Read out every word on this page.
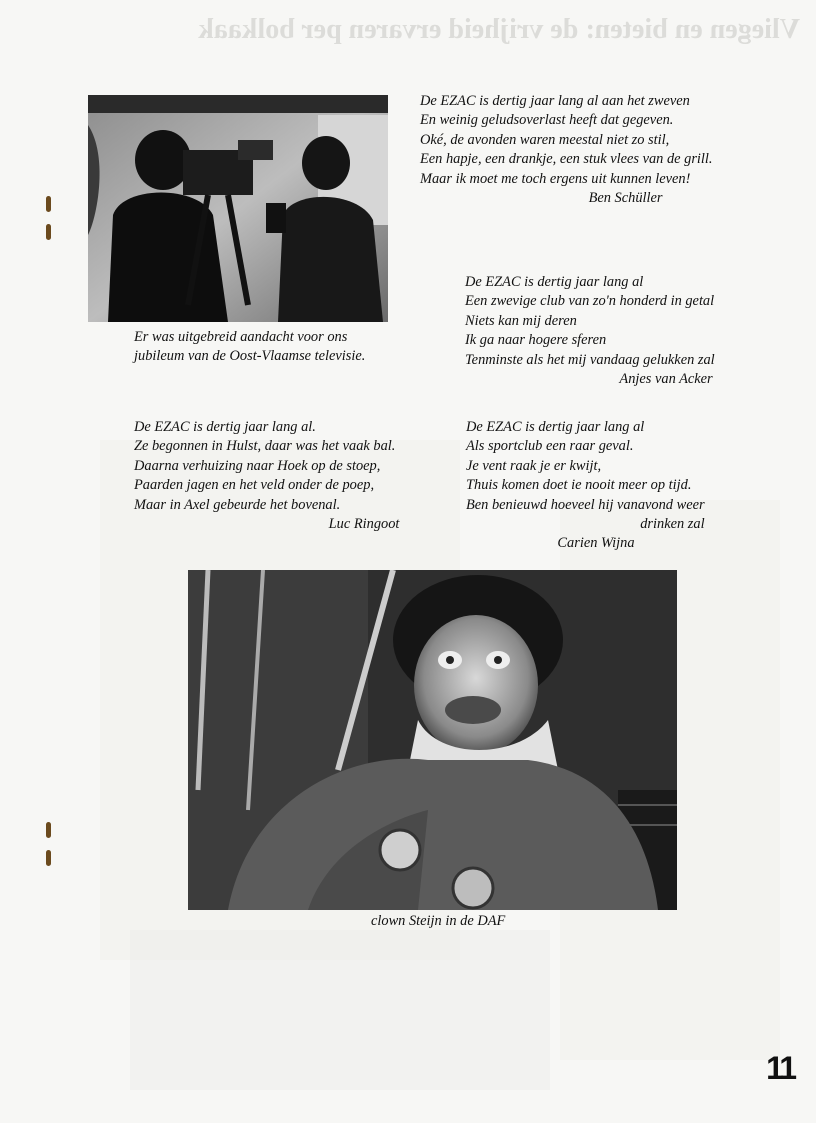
Vliegen en bieten: de vrijheid ervaren per bolkaak
De EZAC is dertig jaar lang al aan het zweven
En weinig geludsoverlast heeft dat gegeven.
Oké, de avonden waren meestal niet zo stil,
Een hapje, een drankje, een stuk vlees van de grill.
Maar ik moet me toch ergens uit kunnen leven!
Ben Schüller
De EZAC is dertig jaar lang al
Een zwevige club van zo'n honderd in getal
Niets kan mij deren
Ik ga naar hogere sferen
Tenminste als het mij vandaag gelukken zal
Anjes van Acker
Er was uitgebreid aandacht voor ons
jubileum van de Oost-Vlaamse televisie.
De EZAC is dertig jaar lang al.
Ze begonnen in Hulst, daar was het vaak bal.
Daarna verhuizing naar Hoek op de stoep,
Paarden jagen en het veld onder de poep,
Maar in Axel gebeurde het bovenal.
Luc Ringoot
De EZAC is dertig jaar lang al
Als sportclub een raar geval.
Je vent raak je er kwijt,
Thuis komen doet ie nooit meer op tijd.
Ben benieuwd hoeveel hij vanavond weer
drinken zal
Carien Wijna
clown Steijn in de DAF
11
